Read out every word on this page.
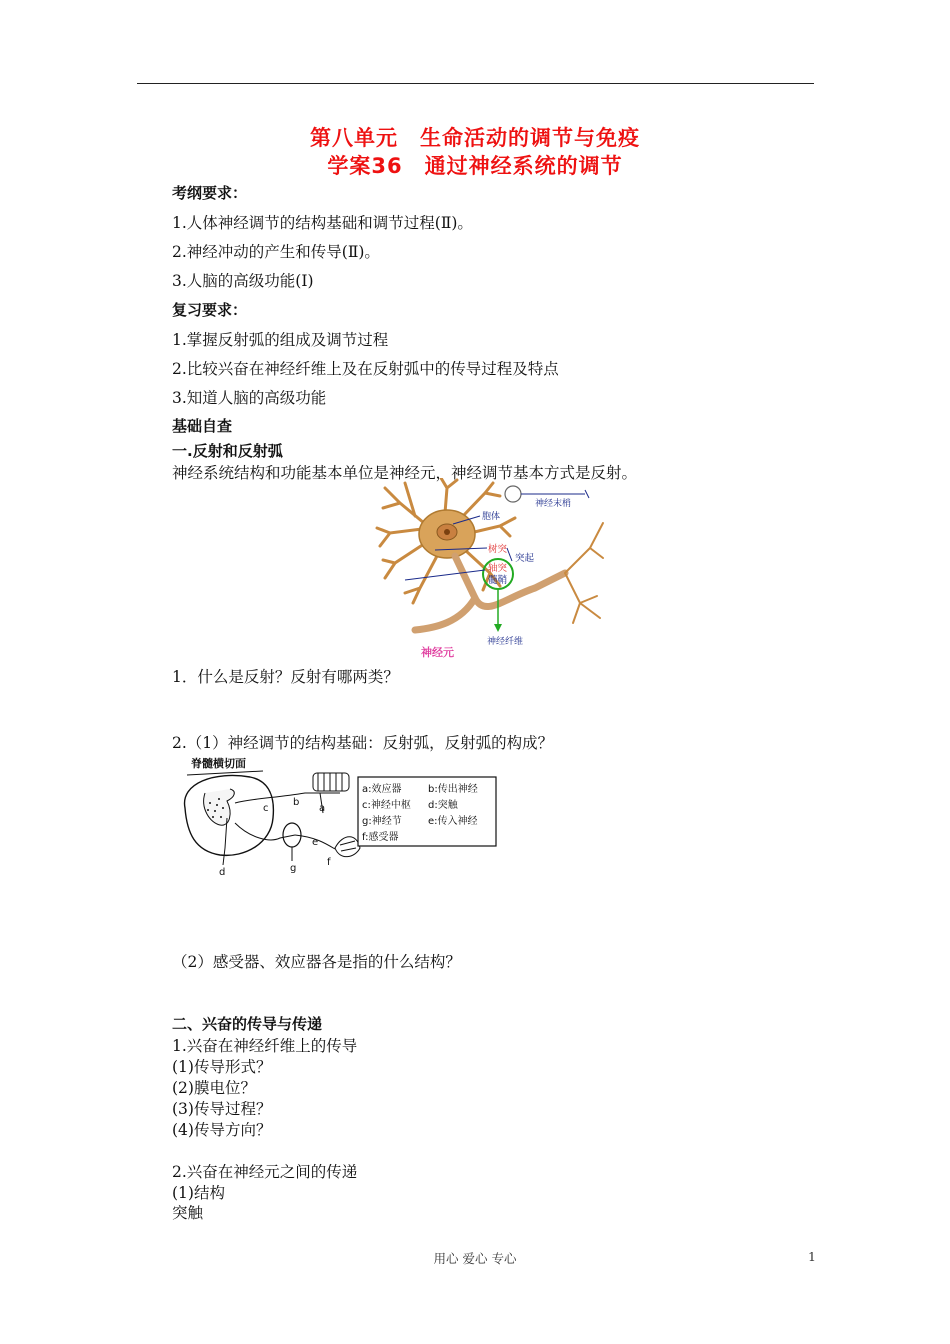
第八单元　生命活动的调节与免疫
学案36　通过神经系统的调节
考纲要求：
1.人体神经调节的结构基础和调节过程(Ⅱ)。
2.神经冲动的产生和传导(Ⅱ)。
3.人脑的高级功能(Ⅰ)
复习要求：
1.掌握反射弧的组成及调节过程
2.比较兴奋在神经纤维上及在反射弧中的传导过程及特点
3.知道人脑的高级功能
基础自查
一.反射和反射弧
神经系统结构和功能基本单位是神经元，神经调节基本方式是反射。
胞体
树突
突起
轴突
髓鞘
神经末梢
神经纤维
神经元
1．什么是反射？反射有哪两类？
2.（1）神经调节的结构基础：反射弧，反射弧的构成？
脊髓横切面
a
b
c
d
e
f
g
a:效应器	b:传出神经
c:神经中枢 d:突触
g:神经节	e:传入神经
f:感受器
（2）感受器、效应器各是指的什么结构？
二、兴奋的传导与传递
1.兴奋在神经纤维上的传导
(1)传导形式？
(2)膜电位？
(3)传导过程？
(4)传导方向？
2.兴奋在神经元之间的传递
(1)结构
突触
用心 爱心 专心	1
